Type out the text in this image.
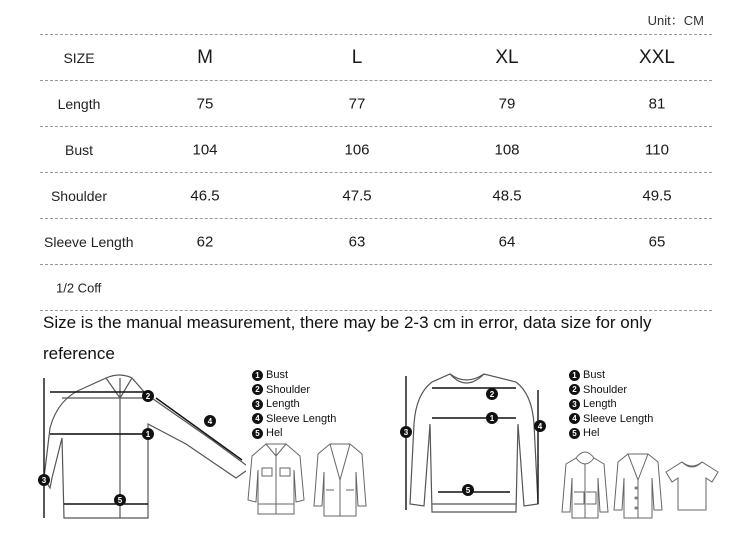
Unit：CM
SIZE	M	L	XL	XXL
Length	75	77	79	81
Bust	104	106	108	110
Shoulder	46.5	47.5	48.5	49.5
Sleeve Length	62	63	64	65
1/2 Coff
Size is the manual measurement, there may be 2-3 cm in error, data size for only reference
2
1
3
5
4
1 Bust
2 Shoulder
3 Length
4 Sleeve Length
5 Hel
2
1
3
4
5
1 Bust
2 Shoulder
3 Length
4 Sleeve Length
5 Hel
